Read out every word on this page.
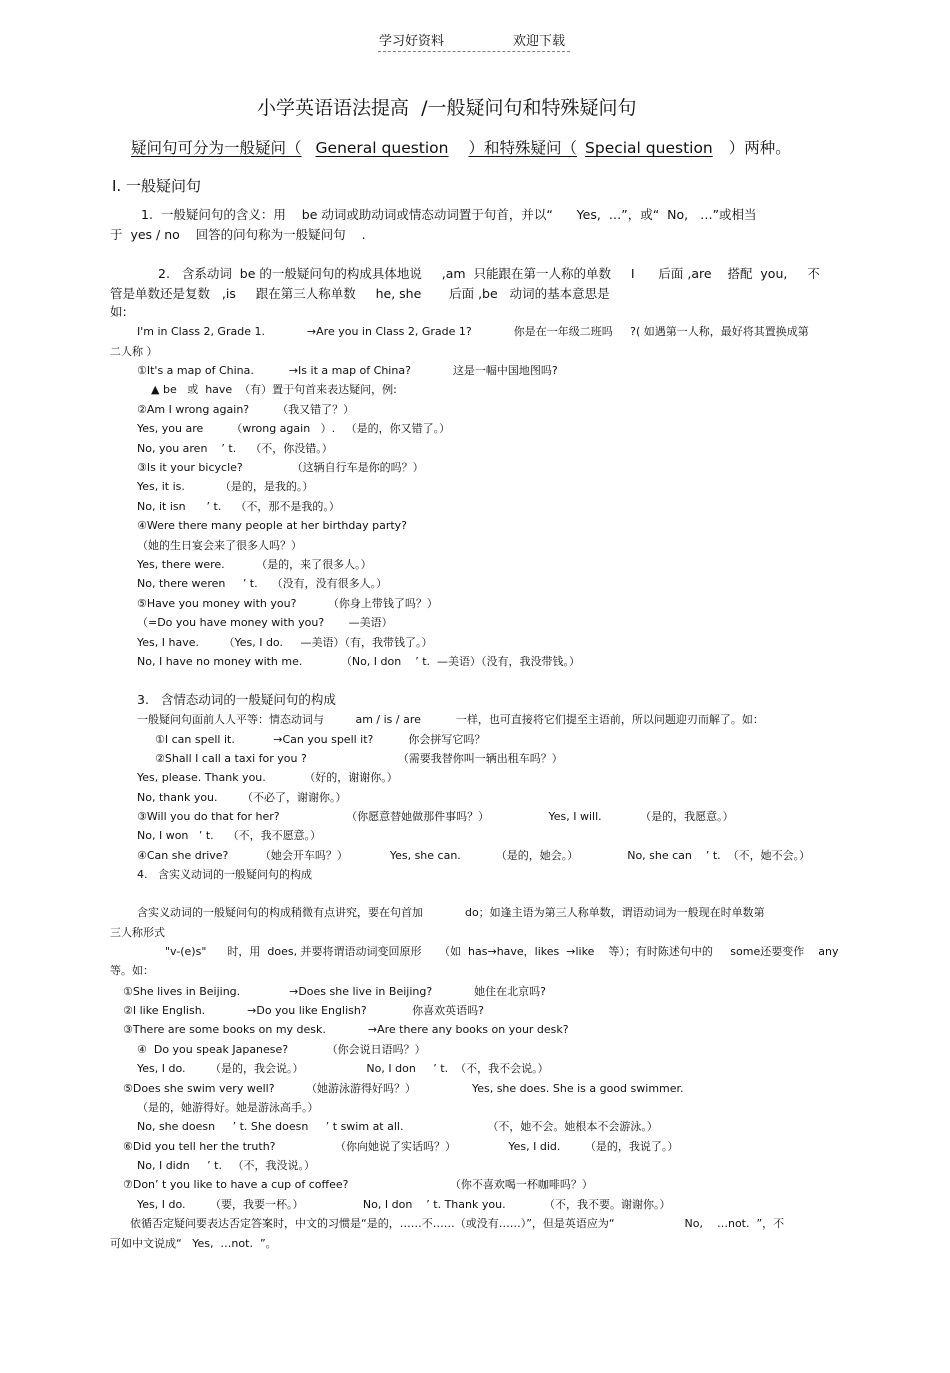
学习好资料	欢迎下载
小学英语语法提高  /一般疑问句和特殊疑问句
疑问句可分为一般疑问（ General question ）和特殊疑问（ Special question ）两种。
Ⅰ. 一般疑问句
1.  一般疑问句的含义：用    be 动词或助动词或情态动词置于句首，并以“      Yes,  …”，或“  No,   …”或相当
于  yes / no    回答的问句称为一般疑问句    .
2.   含系动词  be 的一般疑问句的构成具体地说     ,am  只能跟在第一人称的单数     I      后面 ,are    搭配  you,     不
管是单数还是复数   ,is     跟在第三人称单数     he, she       后面 ,be   动词的基本意思是
如:
I'm in Class 2, Grade 1.            →Are you in Class 2, Grade 1?            你是在一年级二班吗     ?( 如遇第一人称，最好将其置换成第
二人称 ）
①It's a map of China.          →Is it a map of China?            这是一幅中国地图吗?
▲ be   或  have  （有）置于句首来表达疑问，例:
②Am I wrong again?        （我又错了？）
Yes, you are        （wrong again   ）.   （是的，你又错了。）
No, you aren    ’ t.    （不，你没错。）
③Is it your bicycle?              （这辆自行车是你的吗？）
Yes, it is.          （是的，是我的。）
No, it isn      ’ t.    （不，那不是我的。）
④Were there many people at her birthday party?
（她的生日宴会来了很多人吗？）
Yes, there were.         （是的，来了很多人。）
No, there weren     ’ t.    （没有，没有很多人。）
⑤Have you money with you?         （你身上带钱了吗？）
（=Do you have money with you?       —美语）
Yes, I have.       （Yes, I do.     —美语）（有，我带钱了。）
No, I have no money with me.           （No, I don    ’ t.  —美语）（没有，我没带钱。）
3.   含情态动词的一般疑问句的构成
一般疑问句面前人人平等：情态动词与         am / is / are          一样，也可直接将它们提至主语前，所以问题迎刃而解了。如：
①I can spell it.           →Can you spell it?          你会拼写它吗？
②Shall I call a taxi for you ?                          （需要我替你叫一辆出租车吗？）
Yes, please. Thank you.           （好的，谢谢你。）
No, thank you.       （不必了，谢谢你。）
③Will you do that for her?                   （你愿意替她做那件事吗？）                 Yes, I will.           （是的，我愿意。）
No, I won   ’ t.    （不，我不愿意。）
④Can she drive?         （她会开车吗？）            Yes, she can.          （是的，她会。）              No, she can    ’ t.  （不，她不会。）
4.   含实义动词的一般疑问句的构成
含实义动词的一般疑问句的构成稍微有点讲究，要在句首加            do；如逢主语为第三人称单数，谓语动词为一般现在时单数第
三人称形式
"v-(e)s"      时，用  does, 并要将谓语动词变回原形     （如  has→have，likes  →like    等）；有时陈述句中的     some还要变作    any
等。如：
①She lives in Beijing.              →Does she live in Beijing?            她住在北京吗?
②I like English.            →Do you like English?             你喜欢英语吗?
③There are some books on my desk.            →Are there any books on your desk?
④  Do you speak Japanese?           （你会说日语吗？）
Yes, I do.       （是的，我会说。）                  No, I don     ’ t.  （不，我不会说。）
⑤Does she swim very well?         （她游泳游得好吗？）                Yes, she does. She is a good swimmer.
（是的，她游得好。她是游泳高手。）
No, she doesn     ’ t. She doesn     ’ t swim at all.                        （不，她不会。她根本不会游泳。）
⑥Did you tell her the truth?                 （你向她说了实话吗？）               Yes, I did.       （是的，我说了。）
No, I didn     ’ t.   （不，我没说。）
⑦Don’ t you like to have a cup of coffee?                             （你不喜欢喝一杯咖啡吗？）
Yes, I do.       （要，我要一杯。）                 No, I don    ’ t. Thank you.           （不，我不要。谢谢你。）
依循否定疑问要表达否定答案时，中文的习惯是“是的，……不……（或没有……）”，但是英语应为“                    No,    …not.  ”，不
可如中文说成“   Yes,  …not.  ”。
